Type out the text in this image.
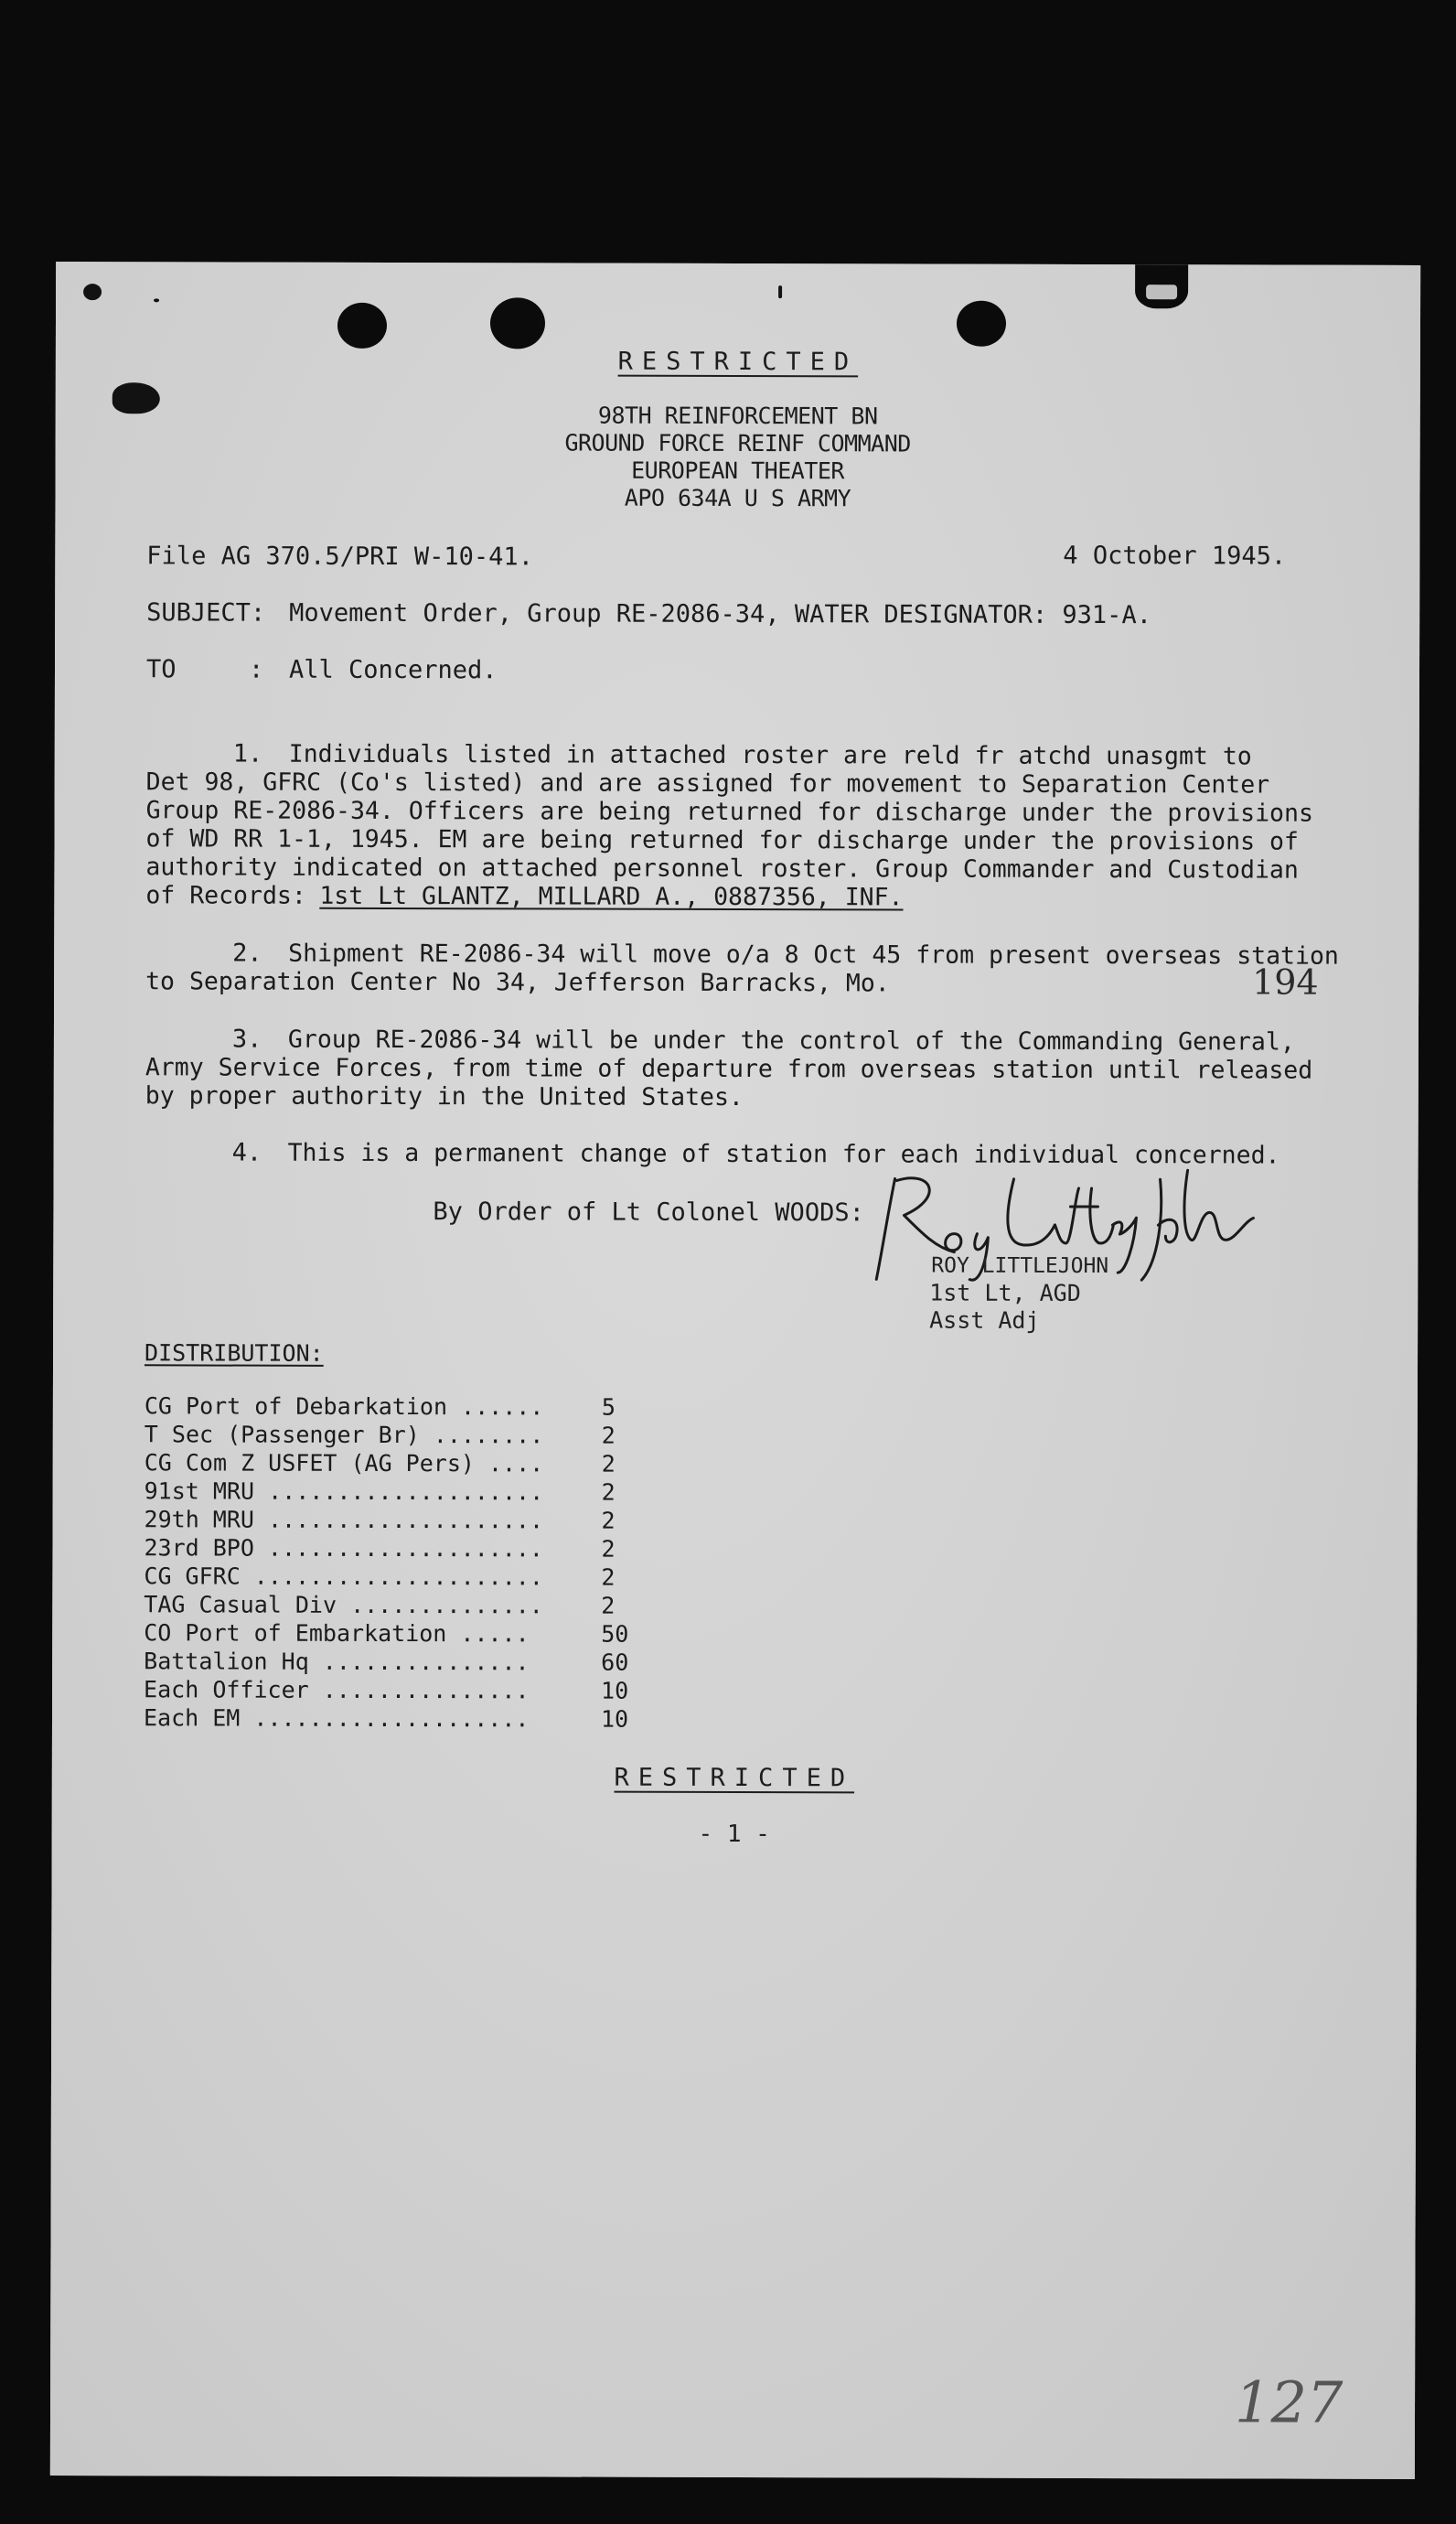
RESTRICTED
98TH REINFORCEMENT BN
GROUND FORCE REINF COMMAND
EUROPEAN THEATER
APO 634A U S ARMY
File AG 370.5/PRI W-10-41.	4 October 1945.
SUBJECT: Movement Order, Group RE-2086-34, WATER DESIGNATOR: 931-A.
TO	: All Concerned.
1. Individuals listed in attached roster are reld fr atchd unasgmt to
Det 98, GFRC (Co's listed) and are assigned for movement to Separation Center
Group RE-2086-34. Officers are being returned for discharge under the provisions
of WD RR 1-1, 1945. EM are being returned for discharge under the provisions of
authority indicated on attached personnel roster. Group Commander and Custodian
of Records:
1st Lt GLANTZ, MILLARD A., 0887356, INF.
2. Shipment RE-2086-34 will move o/a 8 Oct 45 from present overseas station
to Separation Center No 34, Jefferson Barracks, Mo.	194
3. Group RE-2086-34 will be under the control of the Commanding General,
Army Service Forces, from time of departure from overseas station until released
by proper authority in the United States.
4. This is a permanent change of station for each individual concerned.
By Order of Lt Colonel WOODS:
ROY LITTLEJOHN
1st Lt, AGD
Asst Adj
DISTRIBUTION:
CG Port of Debarkation ......	5
T Sec (Passenger Br) ........	2
CG Com Z USFET (AG Pers) ....	2
91st MRU ....................	2
29th MRU ....................	2
23rd BPO ....................	2
CG GFRC .....................	2
TAG Casual Div ..............	2
CO Port of Embarkation .....	50
Battalion Hq ...............	60
Each Officer ...............	10
Each EM ....................	10
RESTRICTED
- 1 -
127
